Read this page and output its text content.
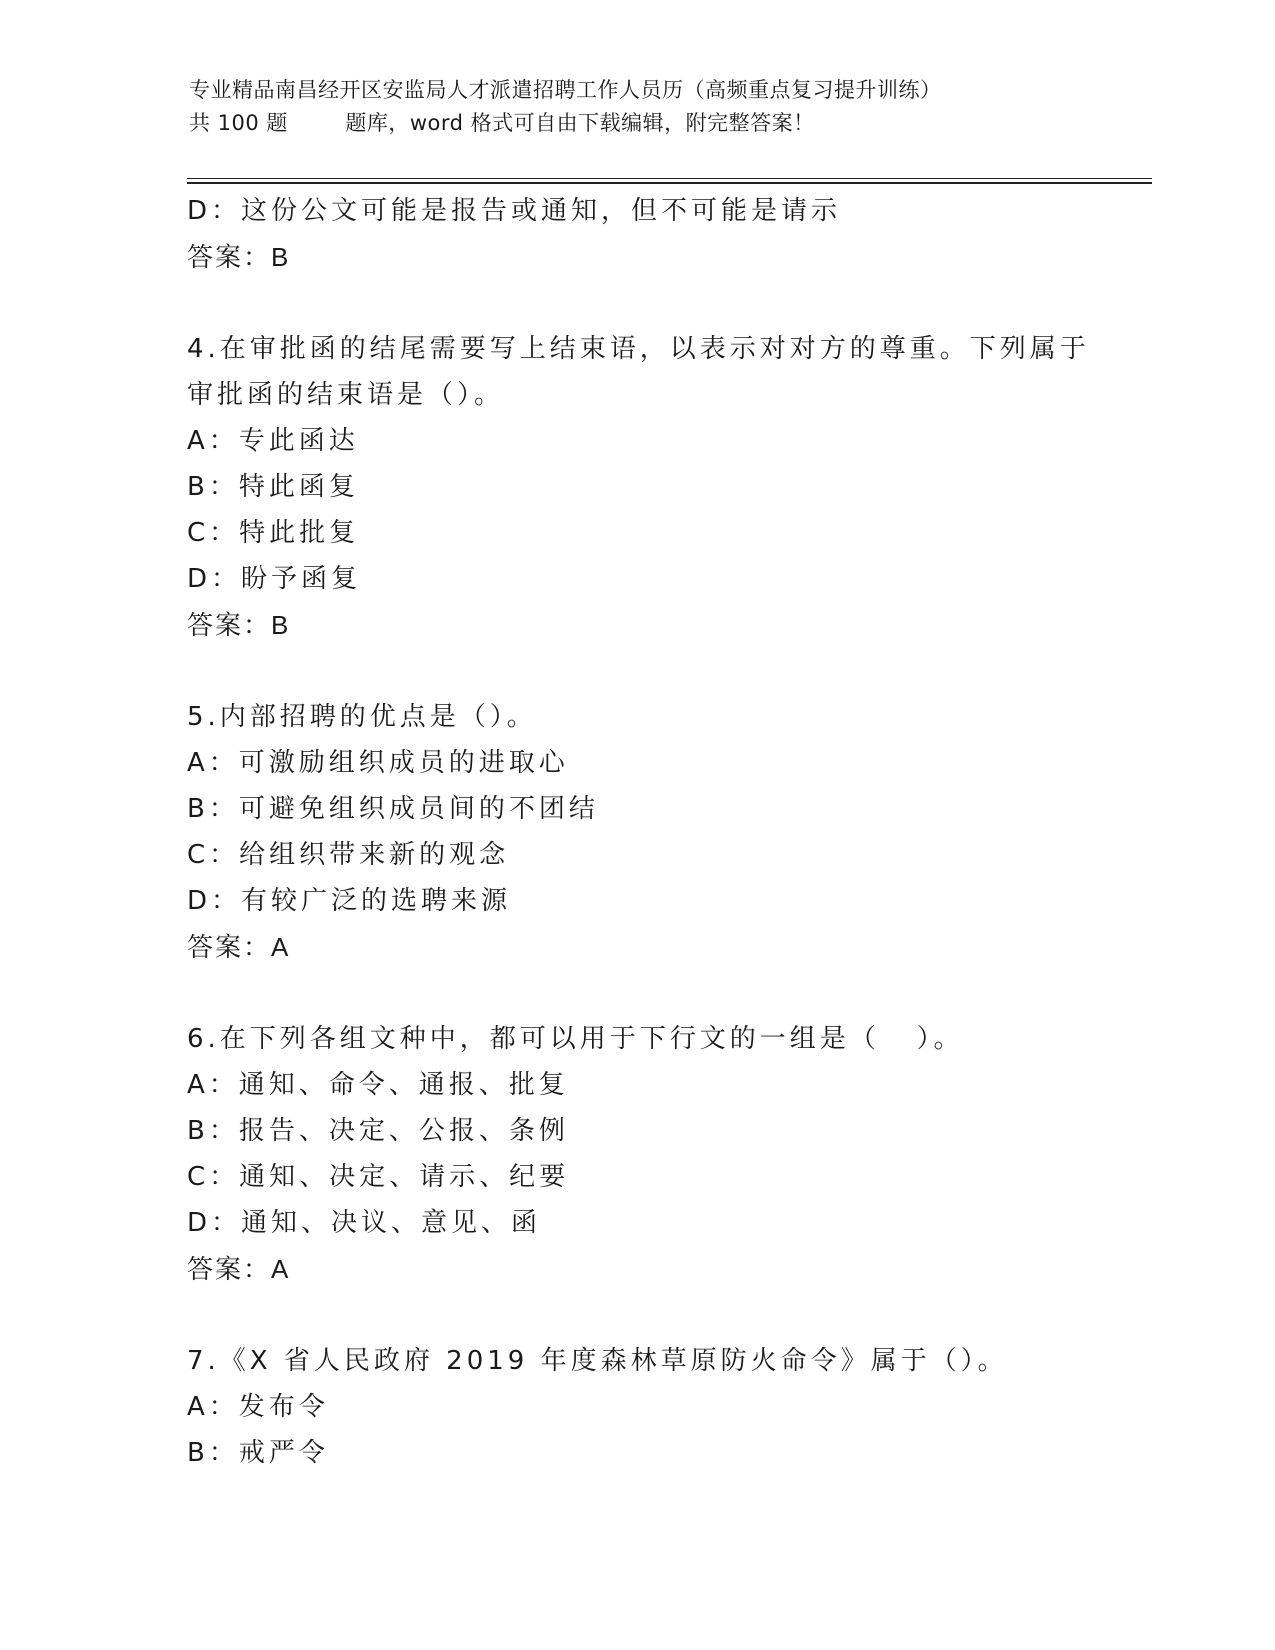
专业精品南昌经开区安监局人才派遣招聘工作人员历（高频重点复习提升训练）
共 100 题        题库，word 格式可自由下载编辑，附完整答案！
D：这份公文可能是报告或通知，但不可能是请示
答案：B
4.在审批函的结尾需要写上结束语，以表示对对方的尊重。下列属于
审批函的结束语是（）。
A：专此函达
B：特此函复
C：特此批复
D：盼予函复
答案：B
5.内部招聘的优点是（）。
A：可激励组织成员的进取心
B：可避免组织成员间的不团结
C：给组织带来新的观念
D：有较广泛的选聘来源
答案：A
6.在下列各组文种中，都可以用于下行文的一组是（   ）。
A：通知、命令、通报、批复
B：报告、决定、公报、条例
C：通知、决定、请示、纪要
D：通知、决议、意见、函
答案：A
7.《X 省人民政府 2019 年度森林草原防火命令》属于（）。
A：发布令
B：戒严令
